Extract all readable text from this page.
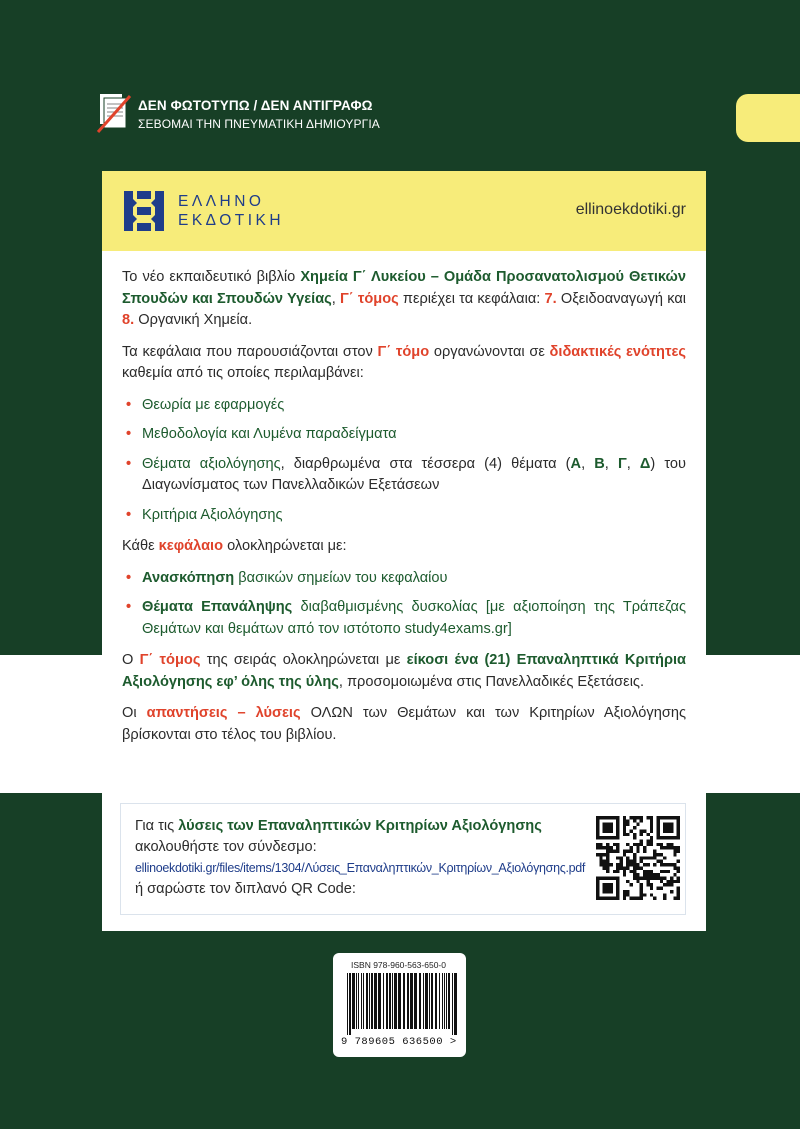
ΔΕΝ ΦΩΤΟΤΥΠΩ / ΔΕΝ ΑΝΤΙΓΡΑΦΩ
ΣΕΒΟΜΑΙ ΤΗΝ ΠΝΕΥΜΑΤΙΚΗ ΔΗΜΙΟΥΡΓΙΑ
ΕΛΛΗΝΟ
ΕΚΔΟΤΙΚΗ
ellinoekdotiki.gr

Το νέο εκπαιδευτικό βιβλίο Χημεία Γ΄ Λυκείου – Ομάδα Προσανατολισμού Θετικών Σπουδών και Σπουδών Υγείας, Γ΄ τόμος περιέχει τα κεφάλαια: 7. Οξειδοαναγωγή και 8. Οργανική Χημεία.

Τα κεφάλαια που παρουσιάζονται στον Γ΄ τόμο οργανώνονται σε διδακτικές ενότητες καθεμία από τις οποίες περιλαμβάνει:

• Θεωρία με εφαρμογές
• Μεθοδολογία και Λυμένα παραδείγματα
• Θέματα αξιολόγησης, διαρθρωμένα στα τέσσερα (4) θέματα (Α, Β, Γ, Δ) του Διαγωνίσματος των Πανελλαδικών Εξετάσεων
• Κριτήρια Αξιολόγησης

Κάθε κεφάλαιο ολοκληρώνεται με:

• Ανασκόπηση βασικών σημείων του κεφαλαίου
• Θέματα Επανάληψης διαβαθμισμένης δυσκολίας [με αξιοποίηση της Τράπεζας Θεμάτων και θεμάτων από τον ιστότοπο study4exams.gr]

Ο Γ΄ τόμος της σειράς ολοκληρώνεται με είκοσι ένα (21) Επαναληπτικά Κριτήρια Αξιολόγησης εφ’ όλης της ύλης, προσομοιωμένα στις Πανελλαδικές Εξετάσεις.

Οι απαντήσεις – λύσεις ΟΛΩΝ των Θεμάτων και των Κριτηρίων Αξιολόγησης βρίσκονται στο τέλος του βιβλίου.

Για τις λύσεις των Επαναληπτικών Κριτηρίων Αξιολόγησης
ακολουθήστε τον σύνδεσμο:
ellinoekdotiki.gr/files/items/1304/Λύσεις_Επαναληπτικών_Κριτηρίων_Αξιολόγησης.pdf
ή σαρώστε τον διπλανό QR Code:
ISBN 978-960-563-650-0
9 789605 636500 >
